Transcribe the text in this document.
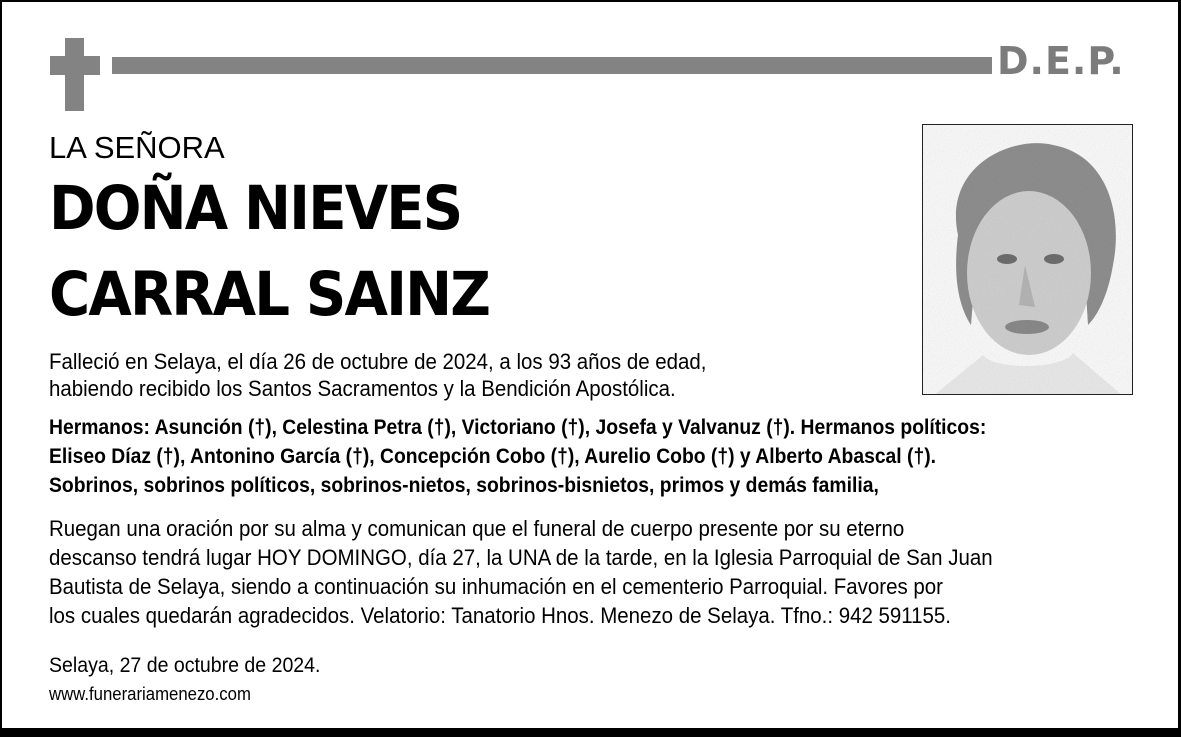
D.E.P.
LA SEÑORA
DOÑA NIEVES
CARRAL SAINZ
Falleció en Selaya, el día 26 de octubre de 2024, a los 93 años de edad,
habiendo recibido los Santos Sacramentos y la Bendición Apostólica.
Hermanos: Asunción (†), Celestina Petra (†), Victoriano (†), Josefa y Valvanuz (†). Hermanos políticos:
Eliseo Díaz (†), Antonino García (†), Concepción Cobo (†), Aurelio Cobo (†) y Alberto Abascal (†).
Sobrinos, sobrinos políticos, sobrinos-nietos, sobrinos-bisnietos, primos y demás familia,
Ruegan una oración por su alma y comunican que el funeral de cuerpo presente por su eterno
descanso tendrá lugar HOY DOMINGO, día 27, la UNA de la tarde, en la Iglesia Parroquial de San Juan
Bautista de Selaya, siendo a continuación su inhumación en el cementerio Parroquial. Favores por
los cuales quedarán agradecidos. Velatorio: Tanatorio Hnos. Menezo de Selaya. Tfno.: 942 591155.
Selaya, 27 de octubre de 2024.
www.funerariamenezo.com
